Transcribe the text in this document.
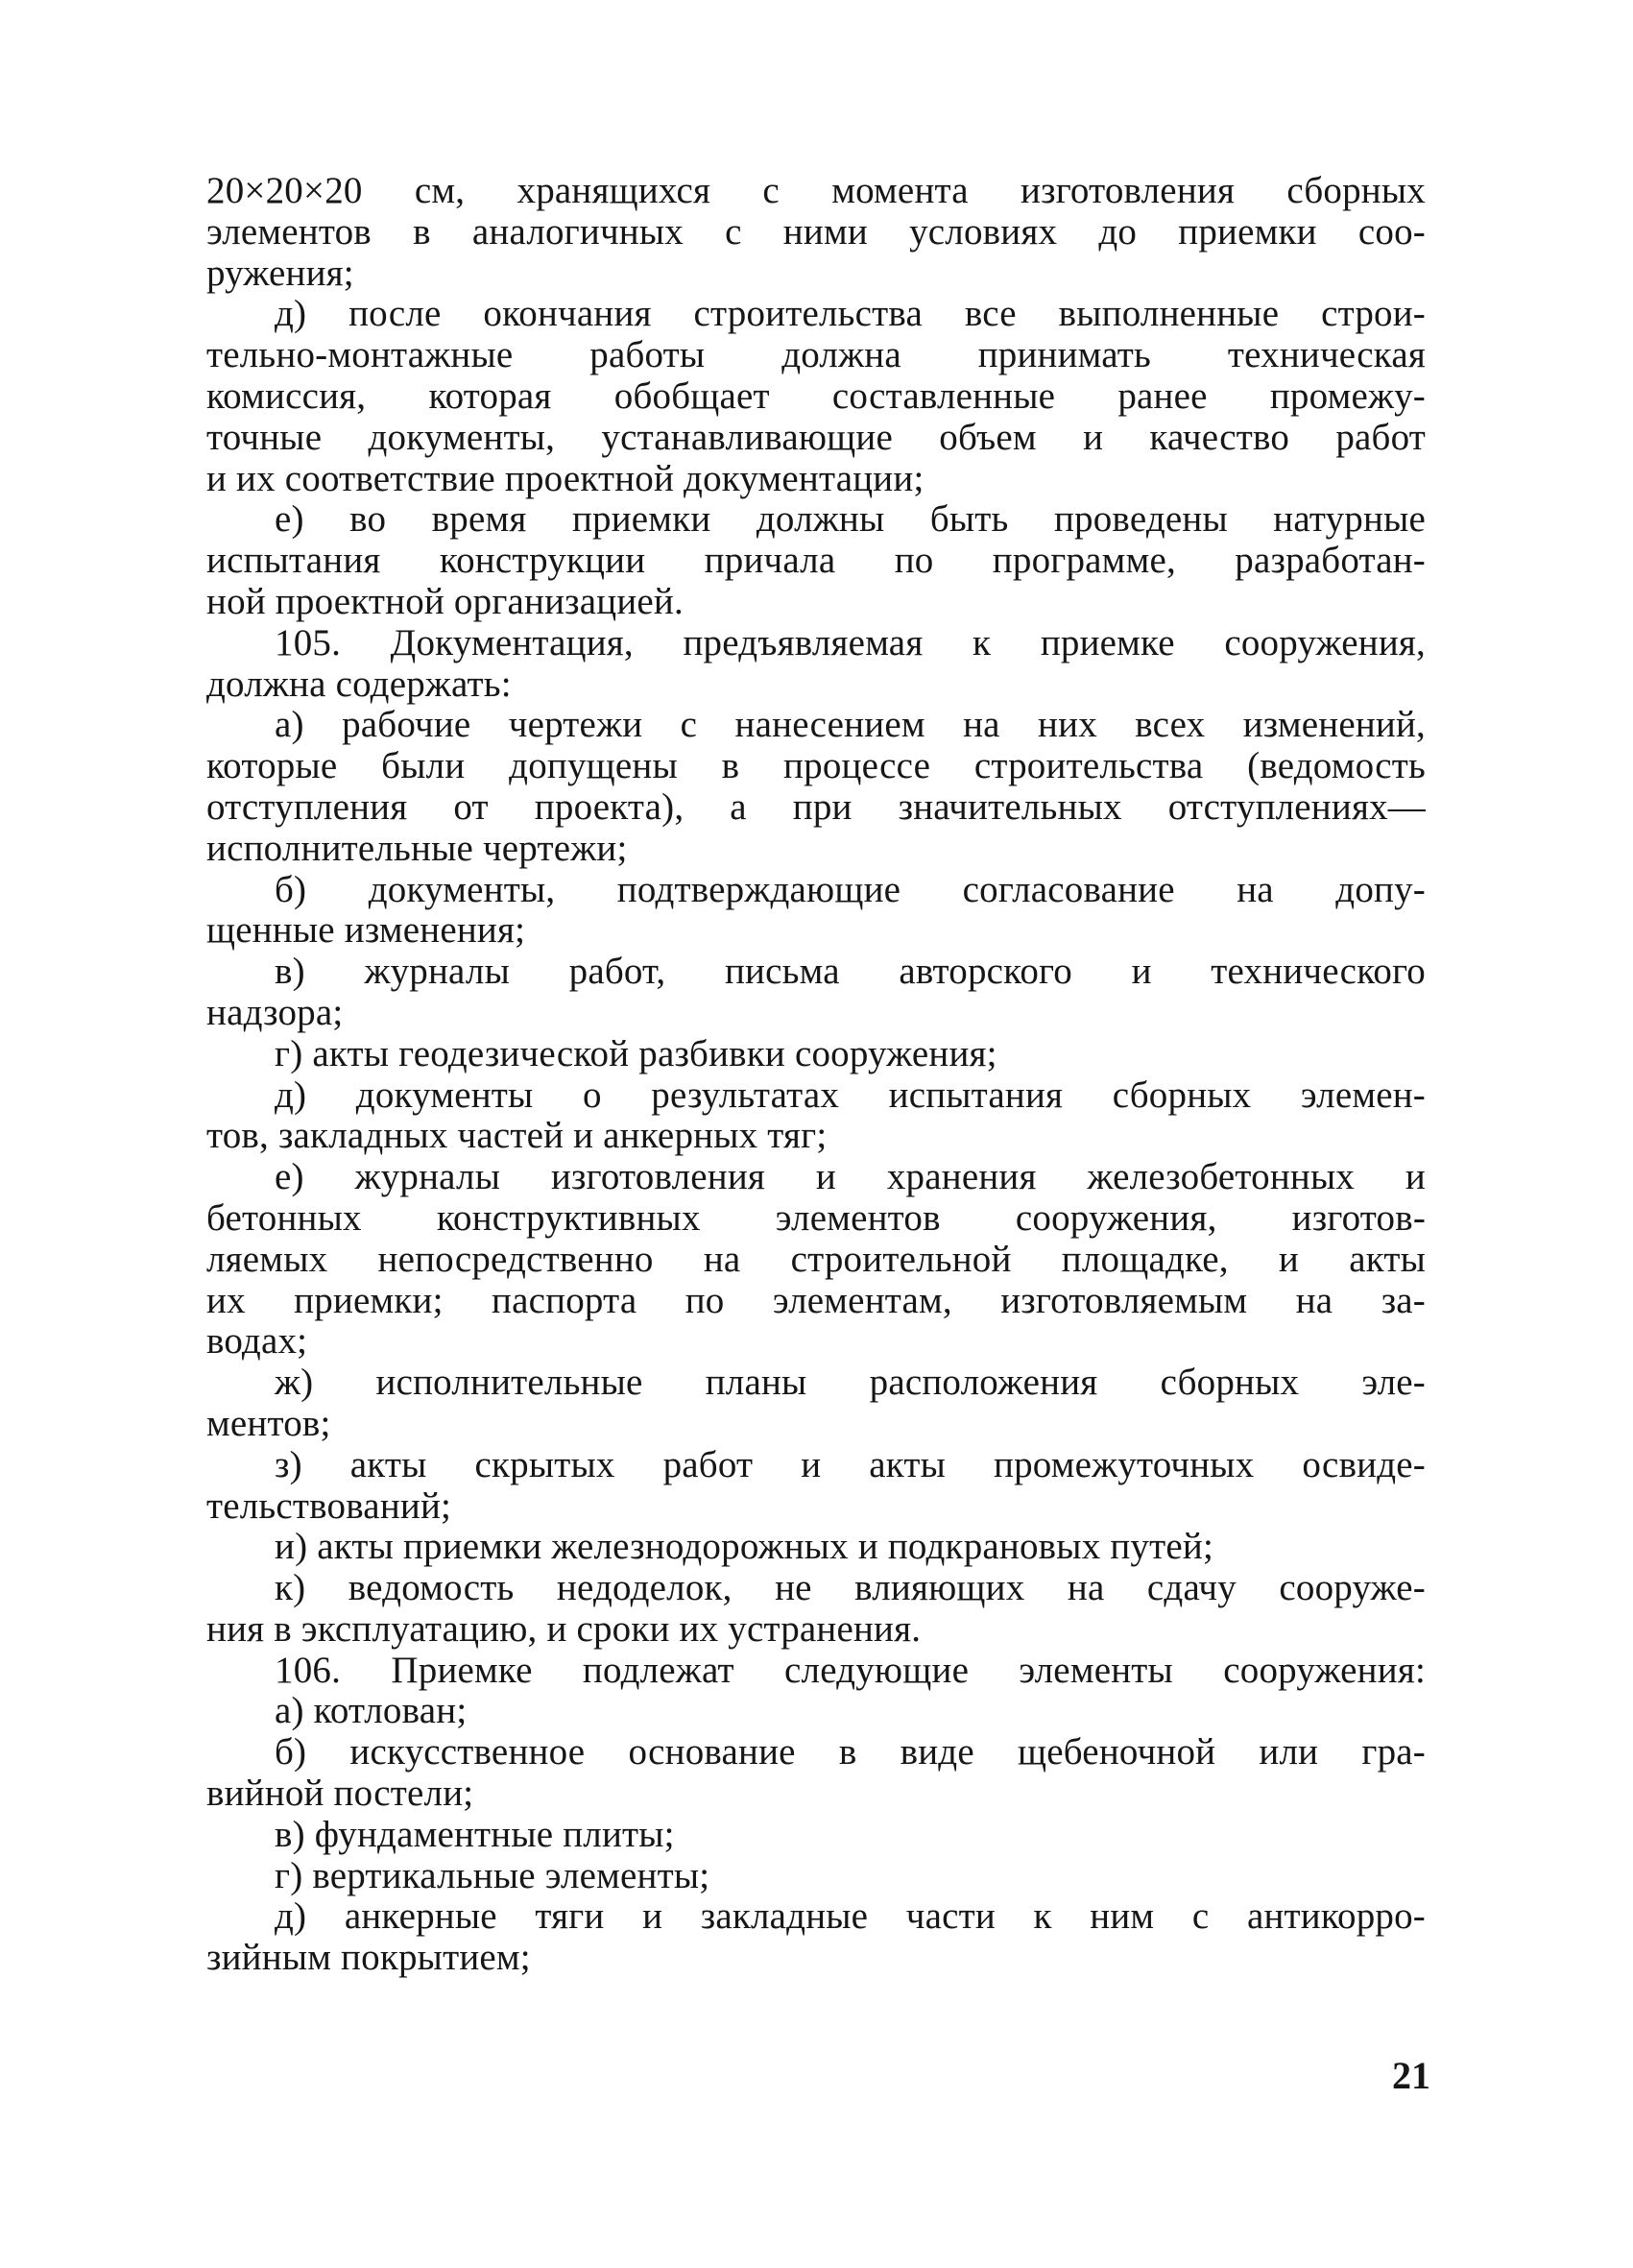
20×20×20 см, хранящихся с момента изготовления сборных
элементов в аналогичных с ними условиях до приемки соо-
ружения;
д) после окончания строительства все выполненные строи-
тельно-монтажные работы должна принимать техническая
комиссия, которая обобщает составленные ранее промежу-
точные документы, устанавливающие объем и качество работ
и их соответствие проектной документации;
е) во время приемки должны быть проведены натурные
испытания конструкции причала по программе, разработан-
ной проектной организацией.
105. Документация, предъявляемая к приемке сооружения,
должна содержать:
а) рабочие чертежи с нанесением на них всех изменений,
которые были допущены в процессе строительства (ведомость
отступления от проекта), а при значительных отступлениях—
исполнительные чертежи;
б) документы, подтверждающие согласование на допу-
щенные изменения;
в) журналы работ, письма авторского и технического
надзора;
г) акты геодезической разбивки сооружения;
д) документы о результатах испытания сборных элемен-
тов, закладных частей и анкерных тяг;
е) журналы изготовления и хранения железобетонных и
бетонных конструктивных элементов сооружения, изготов-
ляемых непосредственно на строительной площадке, и акты
их приемки; паспорта по элементам, изготовляемым на за-
водах;
ж) исполнительные планы расположения сборных эле-
ментов;
з) акты скрытых работ и акты промежуточных освиде-
тельствований;
и) акты приемки железнодорожных и подкрановых путей;
к) ведомость недоделок, не влияющих на сдачу сооруже-
ния в эксплуатацию, и сроки их устранения.
106. Приемке подлежат следующие элементы сооружения:
а) котлован;
б) искусственное основание в виде щебеночной или гра-
вийной постели;
в) фундаментные плиты;
г) вертикальные элементы;
д) анкерные тяги и закладные части к ним с антикорро-
зийным покрытием;
21
